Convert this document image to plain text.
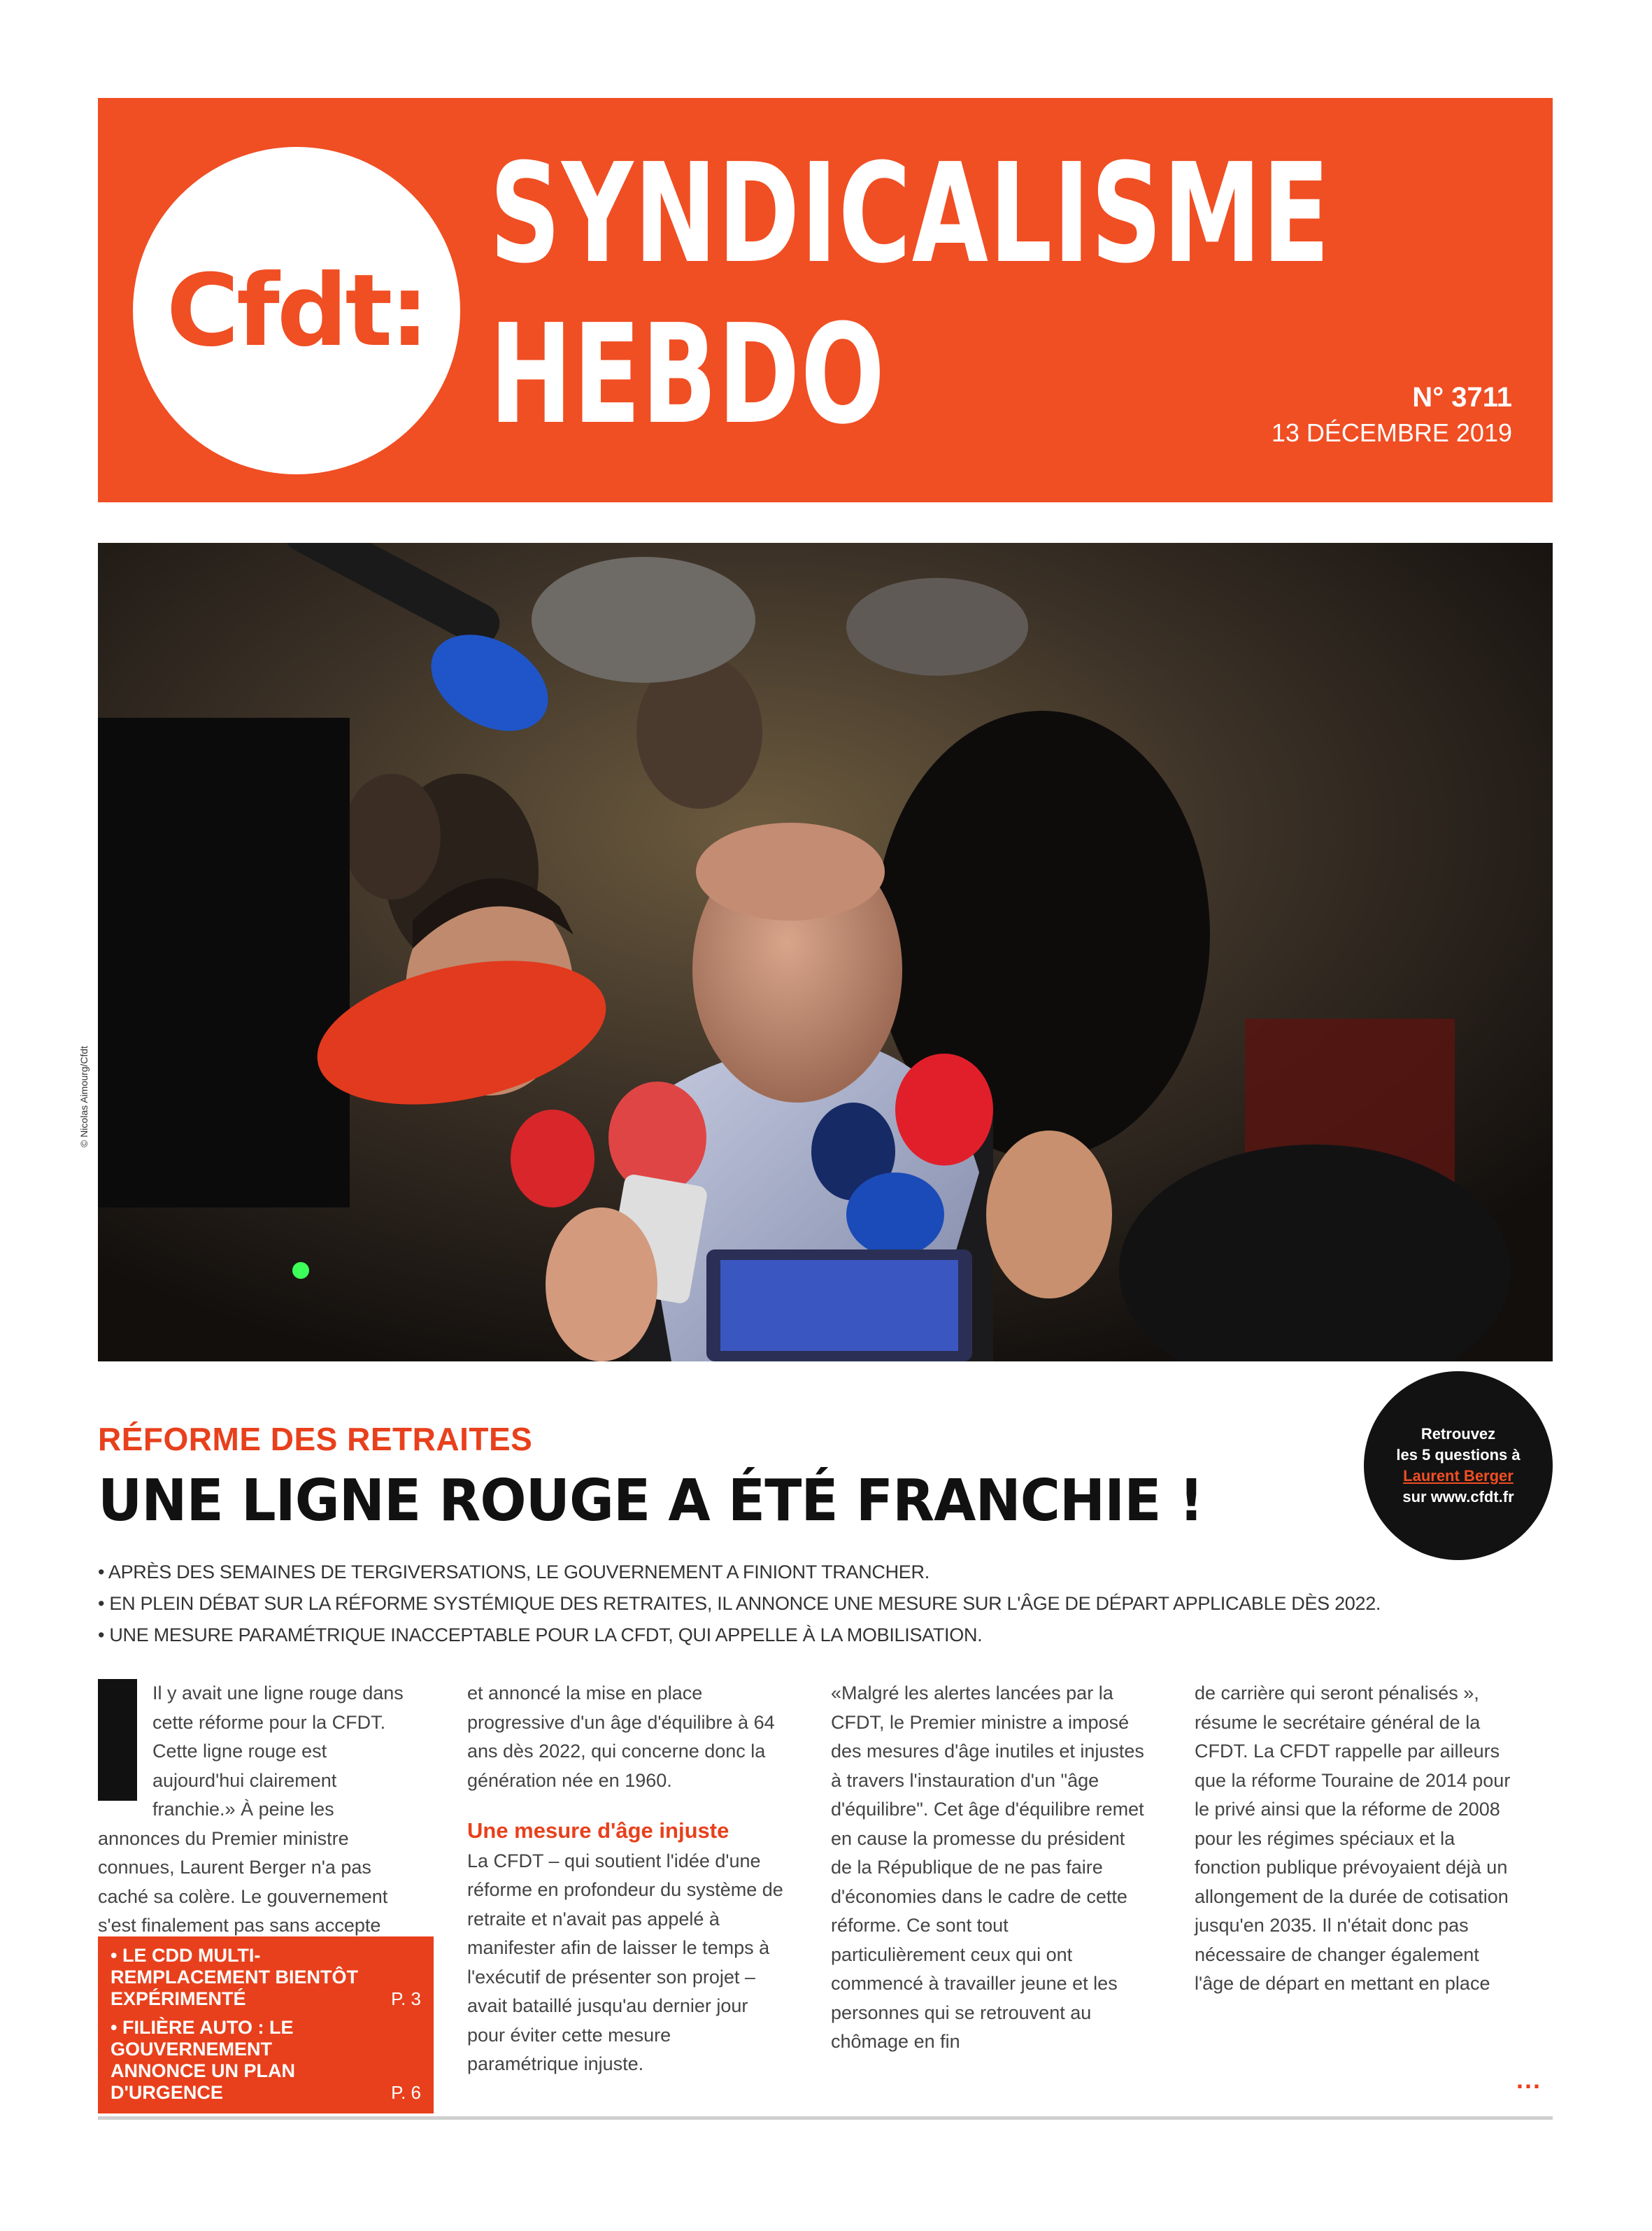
Cfdt:
SYNDICALISME
HEBDO	N° 3711
13 DÉCEMBRE 2019
© Nicolas Aimourg/Cfdt
RÉFORME DES RETRAITES
UNE LIGNE ROUGE A ÉTÉ FRANCHIE !
Retrouvez
les 5 questions à
Laurent Berger
sur www.cfdt.fr
• APRÈS DES SEMAINES DE TERGIVERSATIONS, LE GOUVERNEMENT A FINIONT TRANCHER.
• EN PLEIN DÉBAT SUR LA RÉFORME SYSTÉMIQUE DES RETRAITES, IL ANNONCE UNE MESURE SUR L'ÂGE DE DÉPART APPLICABLE DÈS 2022.
• UNE MESURE PARAMÉTRIQUE INACCEPTABLE POUR LA CFDT, QUI APPELLE À LA MOBILISATION.

Il y avait une ligne rouge dans cette réforme pour la CFDT. Cette ligne rouge est aujourd'hui clairement franchie.» À peine les annonces du Premier ministre connues, Laurent Berger n'a pas caché sa colère. Le gouvernement s'est finalement pas sans accepte

et annoncé la mise en place progressive d'un âge d'équilibre à 64 ans dès 2022, qui concerne donc la génération née en 1960.

Une mesure d'âge injuste

La CFDT – qui soutient l'idée d'une réforme en profondeur du système de retraite et n'avait pas appelé à manifester afin de laisser le temps à l'exécutif de présenter son projet – avait bataillé jusqu'au dernier jour pour éviter cette mesure paramétrique injuste.

«Malgré les alertes lancées par la CFDT, le Premier ministre a imposé des mesures d'âge inutiles et injustes à travers l'instauration d'un "âge d'équilibre". Cet âge d'équilibre remet en cause la promesse du président de la République de ne pas faire d'économies dans le cadre de cette réforme. Ce sont tout particulièrement ceux qui ont commencé à travailler jeune et les personnes qui se retrouvent au chômage en fin

de carrière qui seront pénalisés », résume le secrétaire général de la CFDT. La CFDT rappelle par ailleurs que la réforme Touraine de 2014 pour le privé ainsi que la réforme de 2008 pour les régimes spéciaux et la fonction publique prévoyaient déjà un allongement de la durée de cotisation jusqu'en 2035. Il n'était donc pas nécessaire de changer également l'âge de départ en mettant en place

...
• LE CDD MULTI-REMPLACEMENT BIENTÔT EXPÉRIMENTÉ	P. 3
• FILIÈRE AUTO : LE GOUVERNEMENT ANNONCE UN PLAN D'URGENCE	P. 6
